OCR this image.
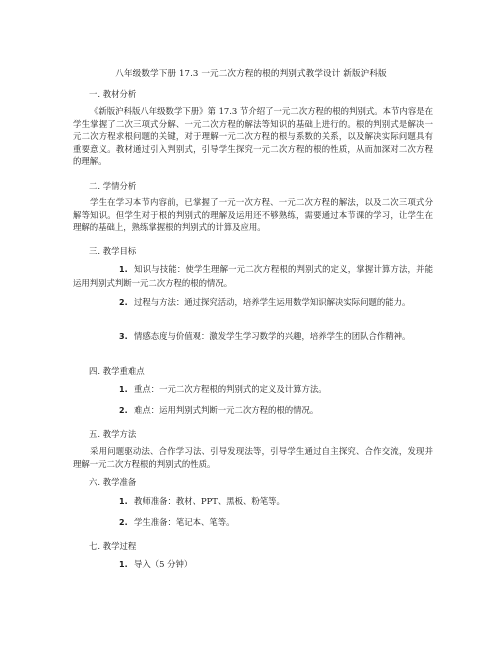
八年级数学下册 17.3 一元二次方程的根的判别式教学设计 新版沪科版
一. 教材分析
《新版沪科版八年级数学下册》第 17.3 节介绍了一元二次方程的根的判别式。本节内容是在学生掌握了二次三项式分解、一元二次方程的解法等知识的基础上进行的。根的判别式是解决一元二次方程求根问题的关键，对于理解一元二次方程的根与系数的关系，以及解决实际问题具有重要意义。教材通过引入判别式，引导学生探究一元二次方程的根的性质，从而加深对二次方程的理解。
二. 学情分析
学生在学习本节内容前，已掌握了一元一次方程、一元二次方程的解法，以及二次三项式分解等知识。但学生对于根的判别式的理解及运用还不够熟练，需要通过本节课的学习，让学生在理解的基础上，熟练掌握根的判别式的计算及应用。
三. 教学目标
1. 知识与技能：使学生理解一元二次方程根的判别式的定义，掌握计算方法，并能运用判别式判断一元二次方程的根的情况。
2. 过程与方法：通过探究活动，培养学生运用数学知识解决实际问题的能力。
3. 情感态度与价值观：激发学生学习数学的兴趣，培养学生的团队合作精神。
四. 教学重难点
1. 重点：一元二次方程根的判别式的定义及计算方法。
2. 难点：运用判别式判断一元二次方程的根的情况。
五. 教学方法
采用问题驱动法、合作学习法、引导发现法等，引导学生通过自主探究、合作交流，发现并理解一元二次方程根的判别式的性质。
六. 教学准备
1. 教师准备：教材、PPT、黑板、粉笔等。
2. 学生准备：笔记本、笔等。
七. 教学过程
1. 导入（5 分钟）
